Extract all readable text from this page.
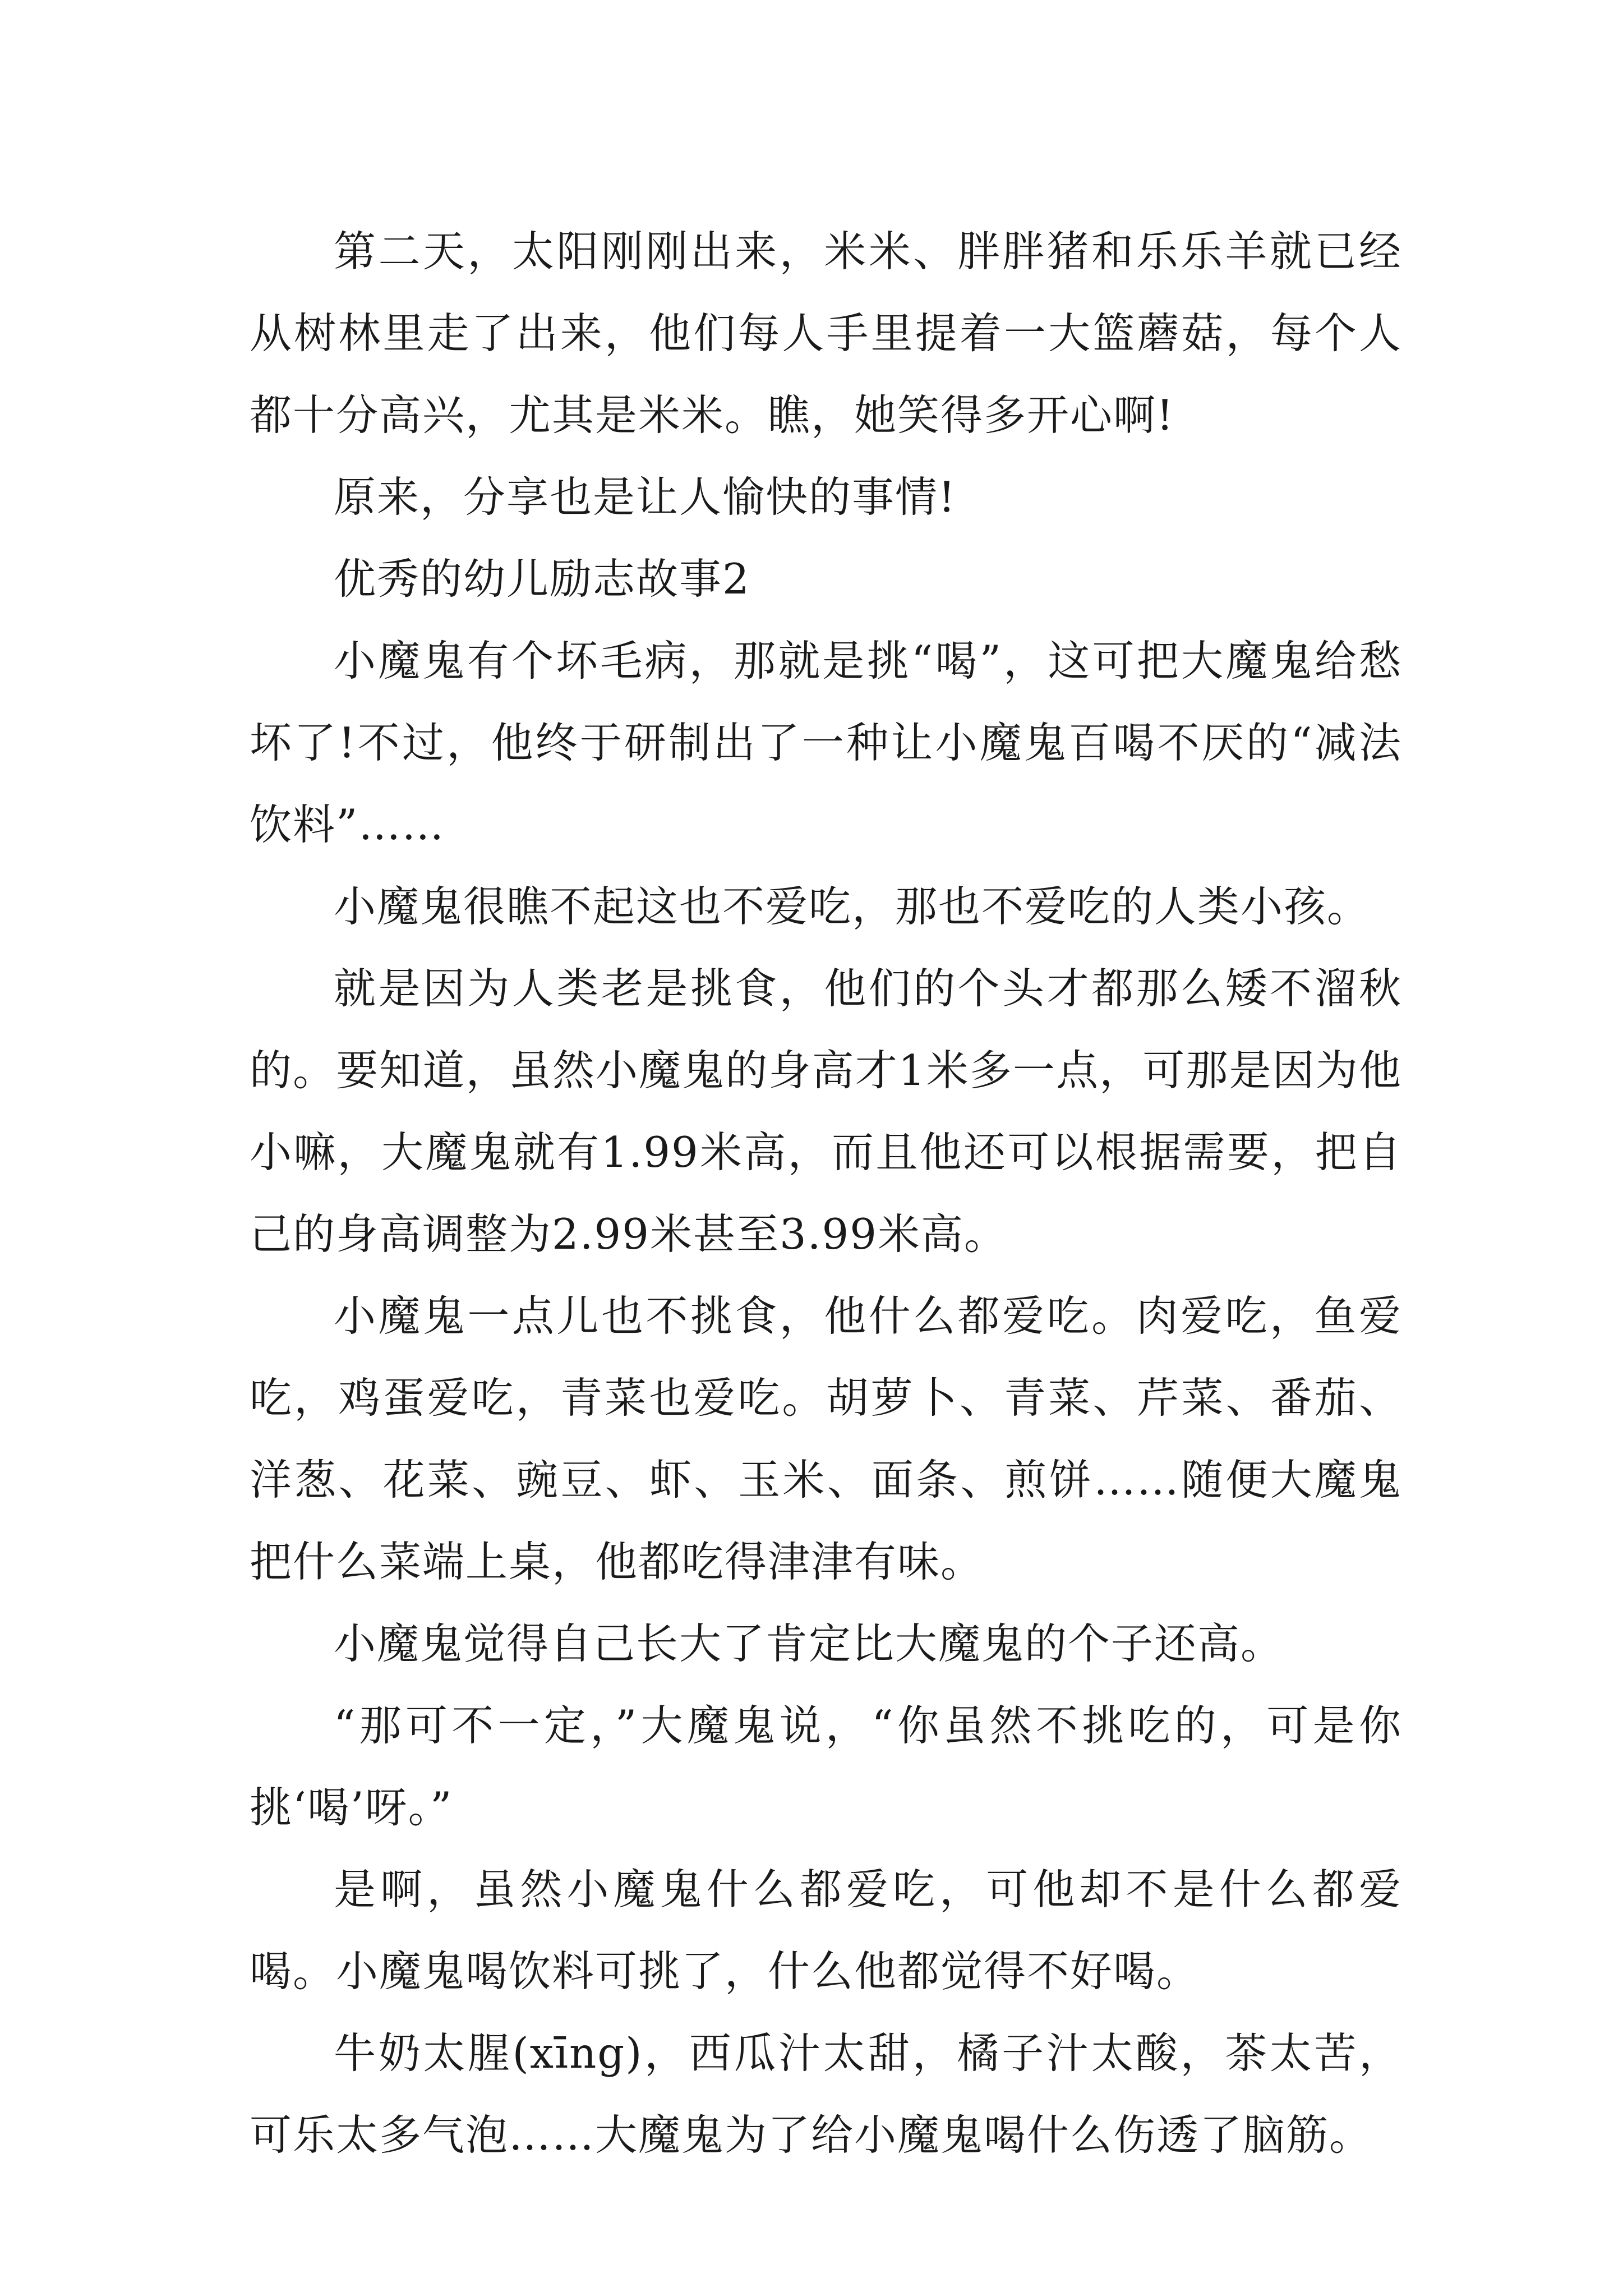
第二天，太阳刚刚出来，米米、胖胖猪和乐乐羊就已经从树林里走了出来，他们每人手里提着一大篮蘑菇，每个人都十分高兴，尤其是米米。瞧，她笑得多开心啊!

原来，分享也是让人愉快的事情!

优秀的幼儿励志故事2

小魔鬼有个坏毛病，那就是挑“喝”，这可把大魔鬼给愁坏了!不过，他终于研制出了一种让小魔鬼百喝不厌的“减法饮料”……

小魔鬼很瞧不起这也不爱吃，那也不爱吃的人类小孩。

就是因为人类老是挑食，他们的个头才都那么矮不溜秋的。要知道，虽然小魔鬼的身高才1米多一点，可那是因为他小嘛，大魔鬼就有1.99米高，而且他还可以根据需要，把自己的身高调整为2.99米甚至3.99米高。

小魔鬼一点儿也不挑食，他什么都爱吃。肉爱吃，鱼爱吃，鸡蛋爱吃，青菜也爱吃。胡萝卜、青菜、芹菜、番茄、洋葱、花菜、豌豆、虾、玉米、面条、煎饼……随便大魔鬼把什么菜端上桌，他都吃得津津有味。

小魔鬼觉得自己长大了肯定比大魔鬼的个子还高。

“那可不一定，”大魔鬼说，“你虽然不挑吃的，可是你挑‘喝’呀。”

是啊，虽然小魔鬼什么都爱吃，可他却不是什么都爱喝。小魔鬼喝饮料可挑了，什么他都觉得不好喝。

牛奶太腥(xīng)，西瓜汁太甜，橘子汁太酸，茶太苦，可乐太多气泡……大魔鬼为了给小魔鬼喝什么伤透了脑筋。
